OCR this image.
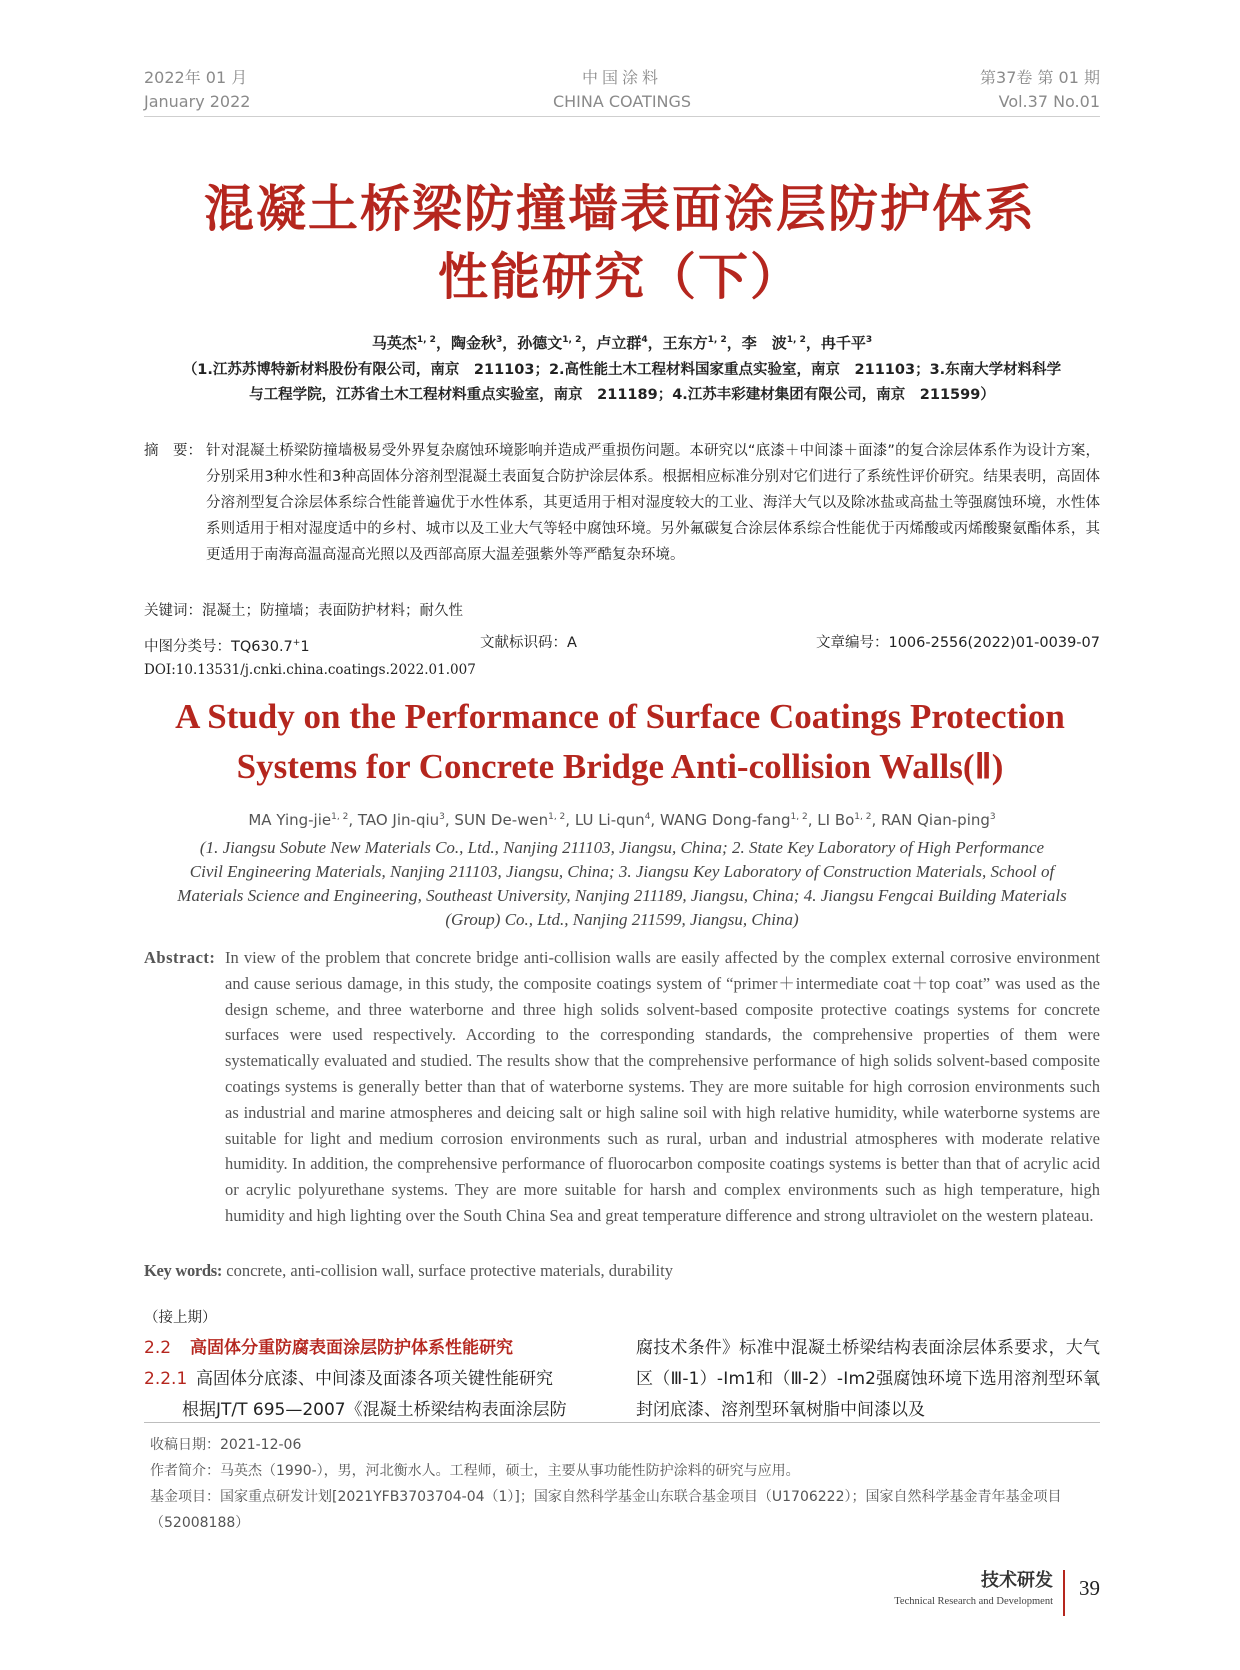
2022年 01 月
January 2022
中国涂料
CHINA COATINGS
第37卷 第 01 期
Vol.37 No.01
混凝土桥梁防撞墙表面涂层防护体系
性能研究（下）
马英杰$^{1, 2}$，陶金秋$^3$，孙德文$^{1, 2}$，卢立群$^4$，王东方$^{1, 2}$，李　波$^{1, 2}$，冉千平$^3$
（1.江苏苏博特新材料股份有限公司，南京　211103；2.高性能土木工程材料国家重点实验室，南京　211103；3.东南大学材料科学
与工程学院，江苏省土木工程材料重点实验室，南京　211189；4.江苏丰彩建材集团有限公司，南京　211599）
摘　要： 针对混凝土桥梁防撞墙极易受外界复杂腐蚀环境影响并造成严重损伤问题。本研究以“底漆＋中间漆＋面漆”的复合涂层体系作为设计方案，分别采用3种水性和3种高固体分溶剂型混凝土表面复合防护涂层体系。根据相应标准分别对它们进行了系统性评价研究。结果表明，高固体分溶剂型复合涂层体系综合性能普遍优于水性体系，其更适用于相对湿度较大的工业、海洋大气以及除冰盐或高盐土等强腐蚀环境，水性体系则适用于相对湿度适中的乡村、城市以及工业大气等轻中腐蚀环境。另外氟碳复合涂层体系综合性能优于丙烯酸或丙烯酸聚氨酯体系，其更适用于南海高温高湿高光照以及西部高原大温差强紫外等严酷复杂环境。
关键词：混凝土；防撞墙；表面防护材料；耐久性
中图分类号：TQ630.7+1	文献标识码：A	文章编号：1006-2556(2022)01-0039-07
DOI:10.13531/j.cnki.china.coatings.2022.01.007
A Study on the Performance of Surface Coatings Protection
Systems for Concrete Bridge Anti-collision Walls(Ⅱ)
MA Ying-jie$^{1, 2}$, TAO Jin-qiu$^3$, SUN De-wen$^{1, 2}$, LU Li-qun$^4$, WANG Dong-fang$^{1, 2}$, LI Bo$^{1, 2}$, RAN Qian-ping$^3$
(1. Jiangsu Sobute New Materials Co., Ltd., Nanjing 211103, Jiangsu, China; 2. State Key Laboratory of High Performance
Civil Engineering Materials, Nanjing 211103, Jiangsu, China; 3. Jiangsu Key Laboratory of Construction Materials, School of
Materials Science and Engineering, Southeast University, Nanjing 211189, Jiangsu, China; 4. Jiangsu Fengcai Building Materials
(Group) Co., Ltd., Nanjing 211599, Jiangsu, China)
Abstract: In view of the problem that concrete bridge anti-collision walls are easily affected by the complex external corrosive environment and cause serious damage, in this study, the composite coatings system of “primer＋intermediate coat＋top coat” was used as the design scheme, and three waterborne and three high solids solvent-based composite protective coatings systems for concrete surfaces were used respectively. According to the corresponding standards, the comprehensive properties of them were systematically evaluated and studied. The results show that the comprehensive performance of high solids solvent-based composite coatings systems is generally better than that of waterborne systems. They are more suitable for high corrosion environments such as industrial and marine atmospheres and deicing salt or high saline soil with high relative humidity, while waterborne systems are suitable for light and medium corrosion environments such as rural, urban and industrial atmospheres with moderate relative humidity. In addition, the comprehensive performance of fluorocarbon composite coatings systems is better than that of acrylic acid or acrylic polyurethane systems. They are more suitable for harsh and complex environments such as high temperature, high humidity and high lighting over the South China Sea and great temperature difference and strong ultraviolet on the western plateau.
Key words: concrete, anti-collision wall, surface protective materials, durability
（接上期）
2.2 高固体分重防腐表面涂层防护体系性能研究
2.2.1 高固体分底漆、中间漆及面漆各项关键性能研究
根据JT/T 695—2007《混凝土桥梁结构表面涂层防
腐技术条件》标准中混凝土桥梁结构表面涂层体系要求，大气区（Ⅲ-1）-Ⅰm1和（Ⅲ-2）-Ⅰm2强腐蚀环境下选用溶剂型环氧封闭底漆、溶剂型环氧树脂中间漆以及
收稿日期：2021-12-06
作者简介：马英杰（1990-），男，河北衡水人。工程师，硕士，主要从事功能性防护涂料的研究与应用。
基金项目：国家重点研发计划[2021YFB3703704-04（1）]；国家自然科学基金山东联合基金项目（U1706222）；国家自然科学基金青年基金项目
（52008188）
技术研发
Technical Research and Development
39
